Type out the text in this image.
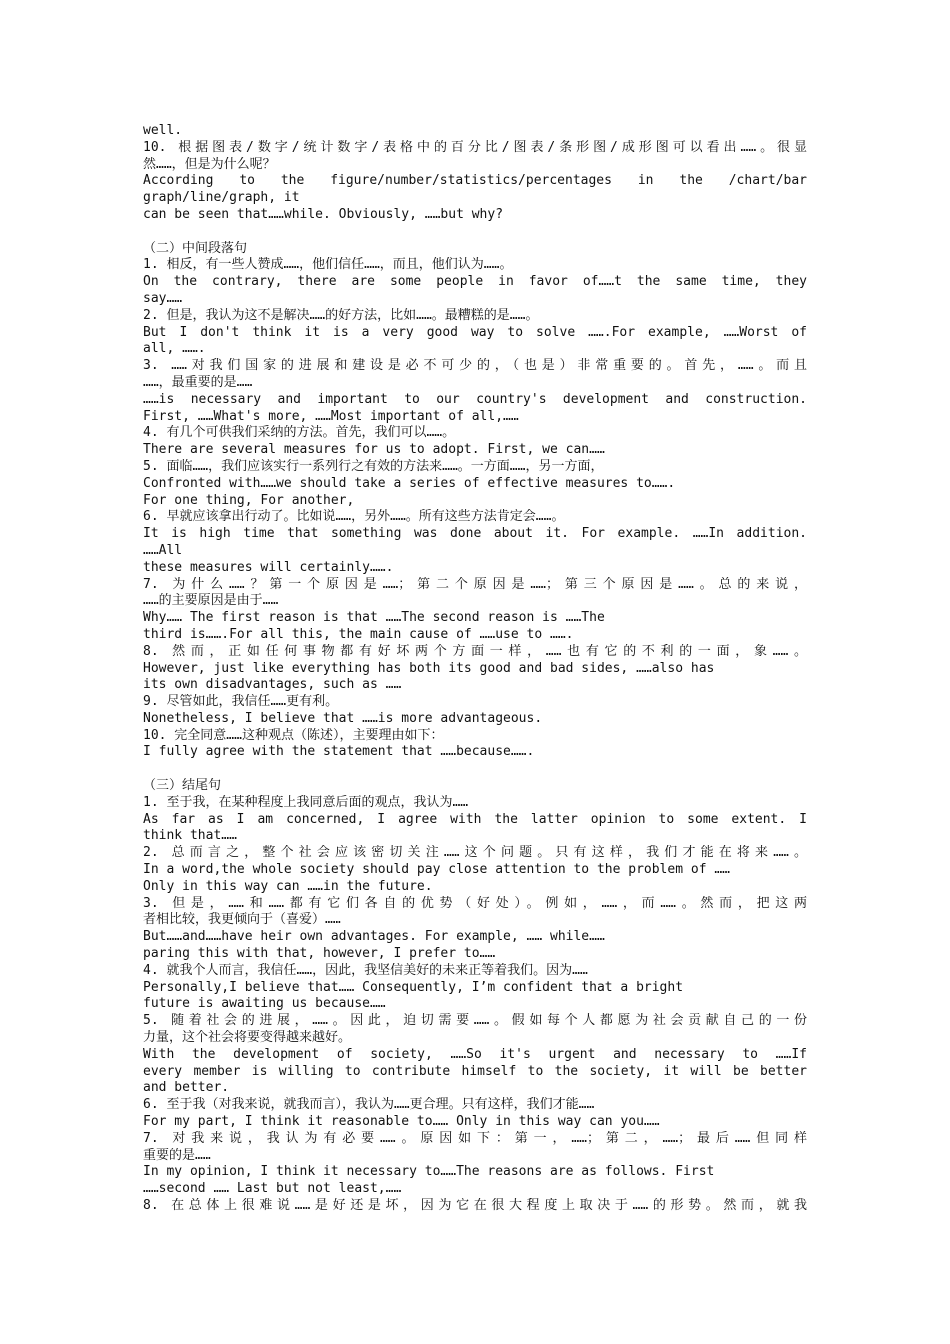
well.
10. 根据图表/数字/统计数字/表格中的百分比/图表/条形图/成形图可以看出……。很显
然……，但是为什么呢？
According  to  the  figure/number/statistics/percentages  in  the  /chart/bar
graph/line/graph, it
can be seen that……while. Obviously, ……but why?
（二）中间段落句
1. 相反，有一些人赞成……，他们信任……，而且，他们认为……。
On the contrary, there are some people in favor of……t the same time, they
say……
2. 但是，我认为这不是解决……的好方法，比如……。最糟糕的是……。
But I don't think it is a very good way to solve …….For example, ……Worst of
all, …….
3. ……对我们国家的进展和建设是必不可少的，（也是）非常重要的。首先，……。而且
……，最重要的是……
……is necessary and important to our country's development and construction.
First, ……What's more, ……Most important of all,……
4. 有几个可供我们采纳的方法。首先，我们可以……。
There are several measures for us to adopt. First, we can……
5. 面临……，我们应该实行一系列行之有效的方法来……。一方面……，另一方面，
Confronted with……we should take a series of effective measures to…….
For one thing, For another,
6. 早就应该拿出行动了。比如说……，另外……。所有这些方法肯定会……。
It is high time that something was done about it. For example. ……In addition.
……All
these measures will certainly…….
7. 为什么……？第一个原因是……；第二个原因是……；第三个原因是……。总的来说，
……的主要原因是由于……
Why…… The first reason is that ……The second reason is ……The
third is…….For all this, the main cause of ……use to …….
8. 然而，正如任何事物都有好坏两个方面一样，……也有它的不利的一面，象……。
However, just like everything has both its good and bad sides, ……also has
its own disadvantages, such as ……
9. 尽管如此，我信任……更有利。
Nonetheless, I believe that ……is more advantageous.
10. 完全同意……这种观点（陈述），主要理由如下：
I fully agree with the statement that ……because…….
（三）结尾句
1. 至于我，在某种程度上我同意后面的观点，我认为……
As far as I am concerned, I agree with the latter opinion to some extent. I
think that……
2. 总而言之，整个社会应该密切关注……这个问题。只有这样，我们才能在将来……。
In a word,the whole society should pay close attention to the problem of ……
Only in this way can ……in the future.
3. 但是，……和……都有它们各自的优势（好处）。例如，……，而……。然而，把这两
者相比较，我更倾向于（喜爱）……
But……and……have heir own advantages. For example, …… while……
paring this with that, however, I prefer to……
4. 就我个人而言，我信任……，因此，我坚信美好的未来正等着我们。因为……
Personally,I believe that…… Consequently, I’m confident that a bright
future is awaiting us because……
5. 随着社会的进展，……。因此，迫切需要……。假如每个人都愿为社会贡献自己的一份
力量，这个社会将要变得越来越好。
With  the  development  of  society,  ……So  it's  urgent  and  necessary  to  ……If
every member is willing to contribute himself to the society, it will be better
and better.
6. 至于我（对我来说，就我而言），我认为……更合理。只有这样，我们才能……
For my part, I think it reasonable to…… Only in this way can you……
7. 对我来说，我认为有必要……。原因如下：第一，……；第二，……；最后……但同样
重要的是……
In my opinion, I think it necessary to……The reasons are as follows. First
……second …… Last but not least,……
8. 在总体上很难说……是好还是坏，因为它在很大程度上取决于……的形势。然而，就我
